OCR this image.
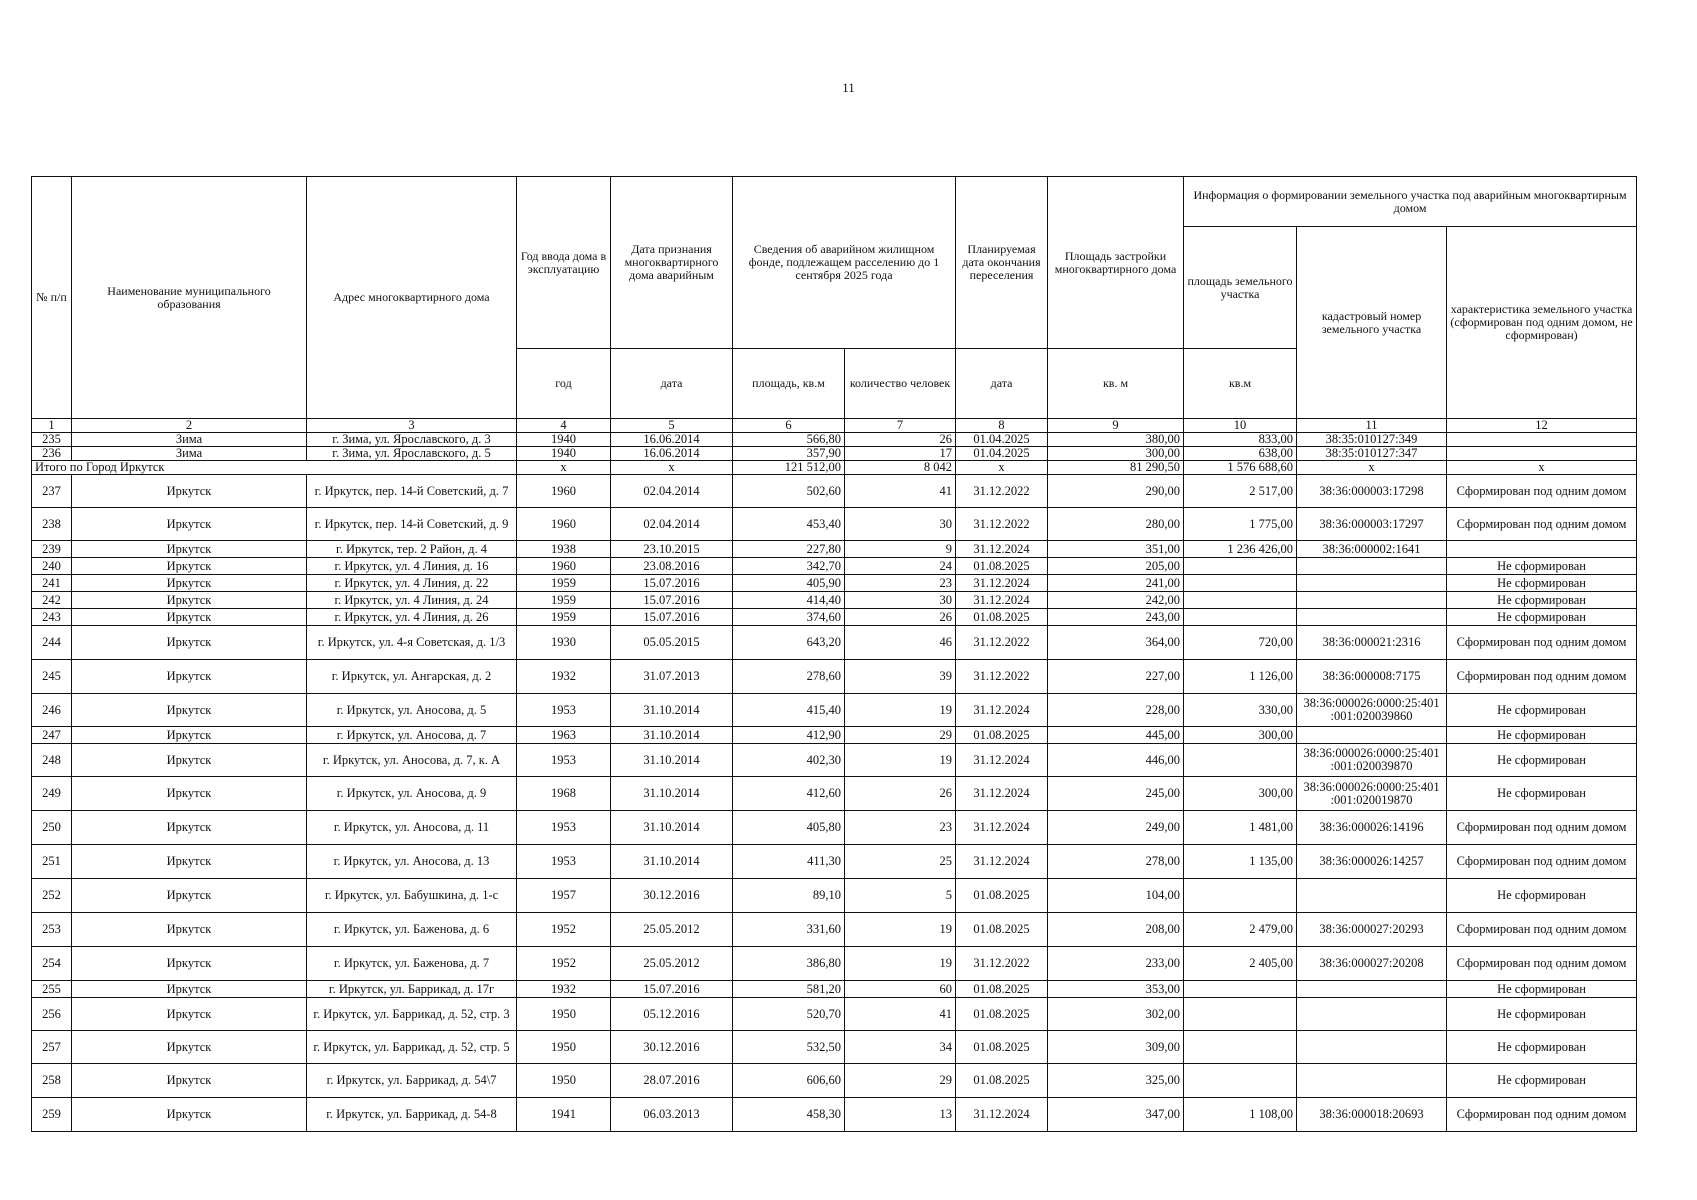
11
№ п/п	Наименование муниципального образования	Адрес многоквартирного дома	Год ввода дома в эксплуатацию	Дата признания многоквартирного дома аварийным	Сведения об аварийном жилищном фонде, подлежащем расселению до 1 сентября 2025 года		Планируемая дата окончания переселения	Площадь застройки многоквартирного дома	Информация о формировании земельного участка под аварийным многоквартирным домом		
									площадь земельного участка	кадастровый номер земельного участка	характеристика земельного участка (сформирован под одним домом, не сформирован)
			год	дата	площадь, кв.м	количество человек	дата	кв. м	кв.м		
1	2	3	4	5	6	7	8	9	10	11	12
235	Зима	г. Зима, ул. Ярославского, д. 3	1940	16.06.2014	566,80	26	01.04.2025	380,00	833,00	38:35:010127:349	
236	Зима	г. Зима, ул. Ярославского, д. 5	1940	16.06.2014	357,90	17	01.04.2025	300,00	638,00	38:35:010127:347	
Итого по Город Иркутск			x	x	121 512,00	8 042	x	81 290,50	1 576 688,60	x	x
237	Иркутск	г. Иркутск, пер. 14-й Советский, д. 7	1960	02.04.2014	502,60	41	31.12.2022	290,00	2 517,00	38:36:000003:17298	Сформирован под одним домом
238	Иркутск	г. Иркутск, пер. 14-й Советский, д. 9	1960	02.04.2014	453,40	30	31.12.2022	280,00	1 775,00	38:36:000003:17297	Сформирован под одним домом
239	Иркутск	г. Иркутск, тер. 2 Район, д. 4	1938	23.10.2015	227,80	9	31.12.2024	351,00	1 236 426,00	38:36:000002:1641	
240	Иркутск	г. Иркутск, ул. 4 Линия, д. 16	1960	23.08.2016	342,70	24	01.08.2025	205,00			Не сформирован
241	Иркутск	г. Иркутск, ул. 4 Линия, д. 22	1959	15.07.2016	405,90	23	31.12.2024	241,00			Не сформирован
242	Иркутск	г. Иркутск, ул. 4 Линия, д. 24	1959	15.07.2016	414,40	30	31.12.2024	242,00			Не сформирован
243	Иркутск	г. Иркутск, ул. 4 Линия, д. 26	1959	15.07.2016	374,60	26	01.08.2025	243,00			Не сформирован
244	Иркутск	г. Иркутск, ул. 4-я Советская, д. 1/3	1930	05.05.2015	643,20	46	31.12.2022	364,00	720,00	38:36:000021:2316	Сформирован под одним домом
245	Иркутск	г. Иркутск, ул. Ангарская, д. 2	1932	31.07.2013	278,60	39	31.12.2022	227,00	1 126,00	38:36:000008:7175	Сформирован под одним домом
246	Иркутск	г. Иркутск, ул. Аносова, д. 5	1953	31.10.2014	415,40	19	31.12.2024	228,00	330,00	38:36:000026:0000:25:401 :001:020039860	Не сформирован
247	Иркутск	г. Иркутск, ул. Аносова, д. 7	1963	31.10.2014	412,90	29	01.08.2025	445,00	300,00		Не сформирован
248	Иркутск	г. Иркутск, ул. Аносова, д. 7, к. А	1953	31.10.2014	402,30	19	31.12.2024	446,00		38:36:000026:0000:25:401 :001:020039870	Не сформирован
249	Иркутск	г. Иркутск, ул. Аносова, д. 9	1968	31.10.2014	412,60	26	31.12.2024	245,00	300,00	38:36:000026:0000:25:401 :001:020019870	Не сформирован
250	Иркутск	г. Иркутск, ул. Аносова, д. 11	1953	31.10.2014	405,80	23	31.12.2024	249,00	1 481,00	38:36:000026:14196	Сформирован под одним домом
251	Иркутск	г. Иркутск, ул. Аносова, д. 13	1953	31.10.2014	411,30	25	31.12.2024	278,00	1 135,00	38:36:000026:14257	Сформирован под одним домом
252	Иркутск	г. Иркутск, ул. Бабушкина, д. 1-с	1957	30.12.2016	89,10	5	01.08.2025	104,00			Не сформирован
253	Иркутск	г. Иркутск, ул. Баженова, д. 6	1952	25.05.2012	331,60	19	01.08.2025	208,00	2 479,00	38:36:000027:20293	Сформирован под одним домом
254	Иркутск	г. Иркутск, ул. Баженова, д. 7	1952	25.05.2012	386,80	19	31.12.2022	233,00	2 405,00	38:36:000027:20208	Сформирован под одним домом
255	Иркутск	г. Иркутск, ул. Баррикад, д. 17г	1932	15.07.2016	581,20	60	01.08.2025	353,00			Не сформирован
256	Иркутск	г. Иркутск, ул. Баррикад, д. 52, стр. 3	1950	05.12.2016	520,70	41	01.08.2025	302,00			Не сформирован
257	Иркутск	г. Иркутск, ул. Баррикад, д. 52, стр. 5	1950	30.12.2016	532,50	34	01.08.2025	309,00			Не сформирован
258	Иркутск	г. Иркутск, ул. Баррикад, д. 54\7	1950	28.07.2016	606,60	29	01.08.2025	325,00			Не сформирован
259	Иркутск	г. Иркутск, ул. Баррикад, д. 54-8	1941	06.03.2013	458,30	13	31.12.2024	347,00	1 108,00	38:36:000018:20693	Сформирован под одним домом
